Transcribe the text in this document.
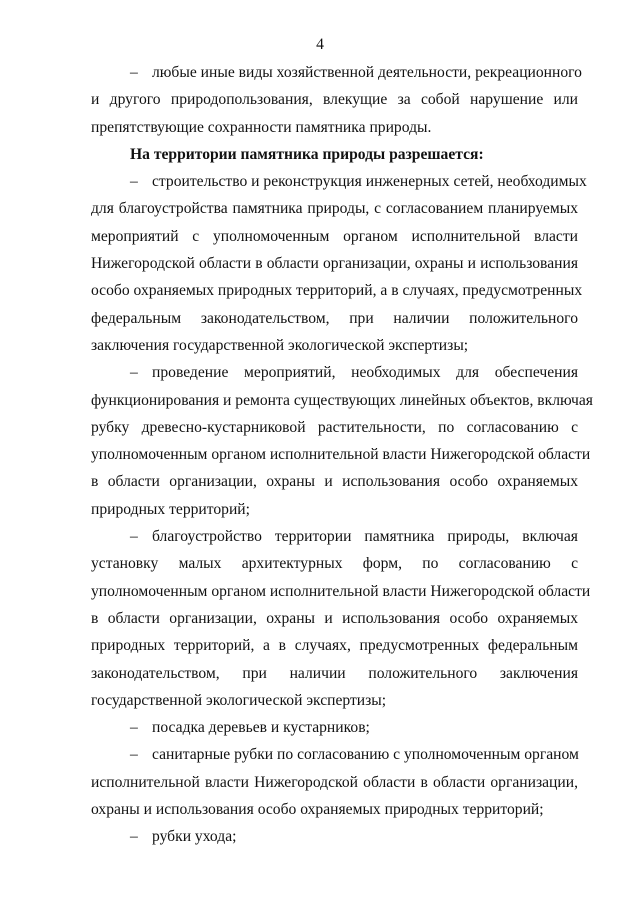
4
– любые иные виды хозяйственной деятельности, рекреационного
и другого природопользования, влекущие за собой нарушение или
препятствующие сохранности памятника природы.
На территории памятника природы разрешается:
– строительство и реконструкция инженерных сетей, необходимых
для благоустройства памятника природы, с согласованием планируемых
мероприятий с уполномоченным органом исполнительной власти
Нижегородской области в области организации, охраны и использования
особо охраняемых природных территорий, а в случаях, предусмотренных
федеральным законодательством, при наличии положительного
заключения государственной экологической экспертизы;
– проведение мероприятий, необходимых для обеспечения
функционирования и ремонта существующих линейных объектов, включая
рубку древесно-кустарниковой растительности, по согласованию с
уполномоченным органом исполнительной власти Нижегородской области
в области организации, охраны и использования особо охраняемых
природных территорий;
– благоустройство территории памятника природы, включая
установку малых архитектурных форм, по согласованию с
уполномоченным органом исполнительной власти Нижегородской области
в области организации, охраны и использования особо охраняемых
природных территорий, а в случаях, предусмотренных федеральным
законодательством, при наличии положительного заключения
государственной экологической экспертизы;
– посадка деревьев и кустарников;
– санитарные рубки по согласованию с уполномоченным органом
исполнительной власти Нижегородской области в области организации,
охраны и использования особо охраняемых природных территорий;
– рубки ухода;
